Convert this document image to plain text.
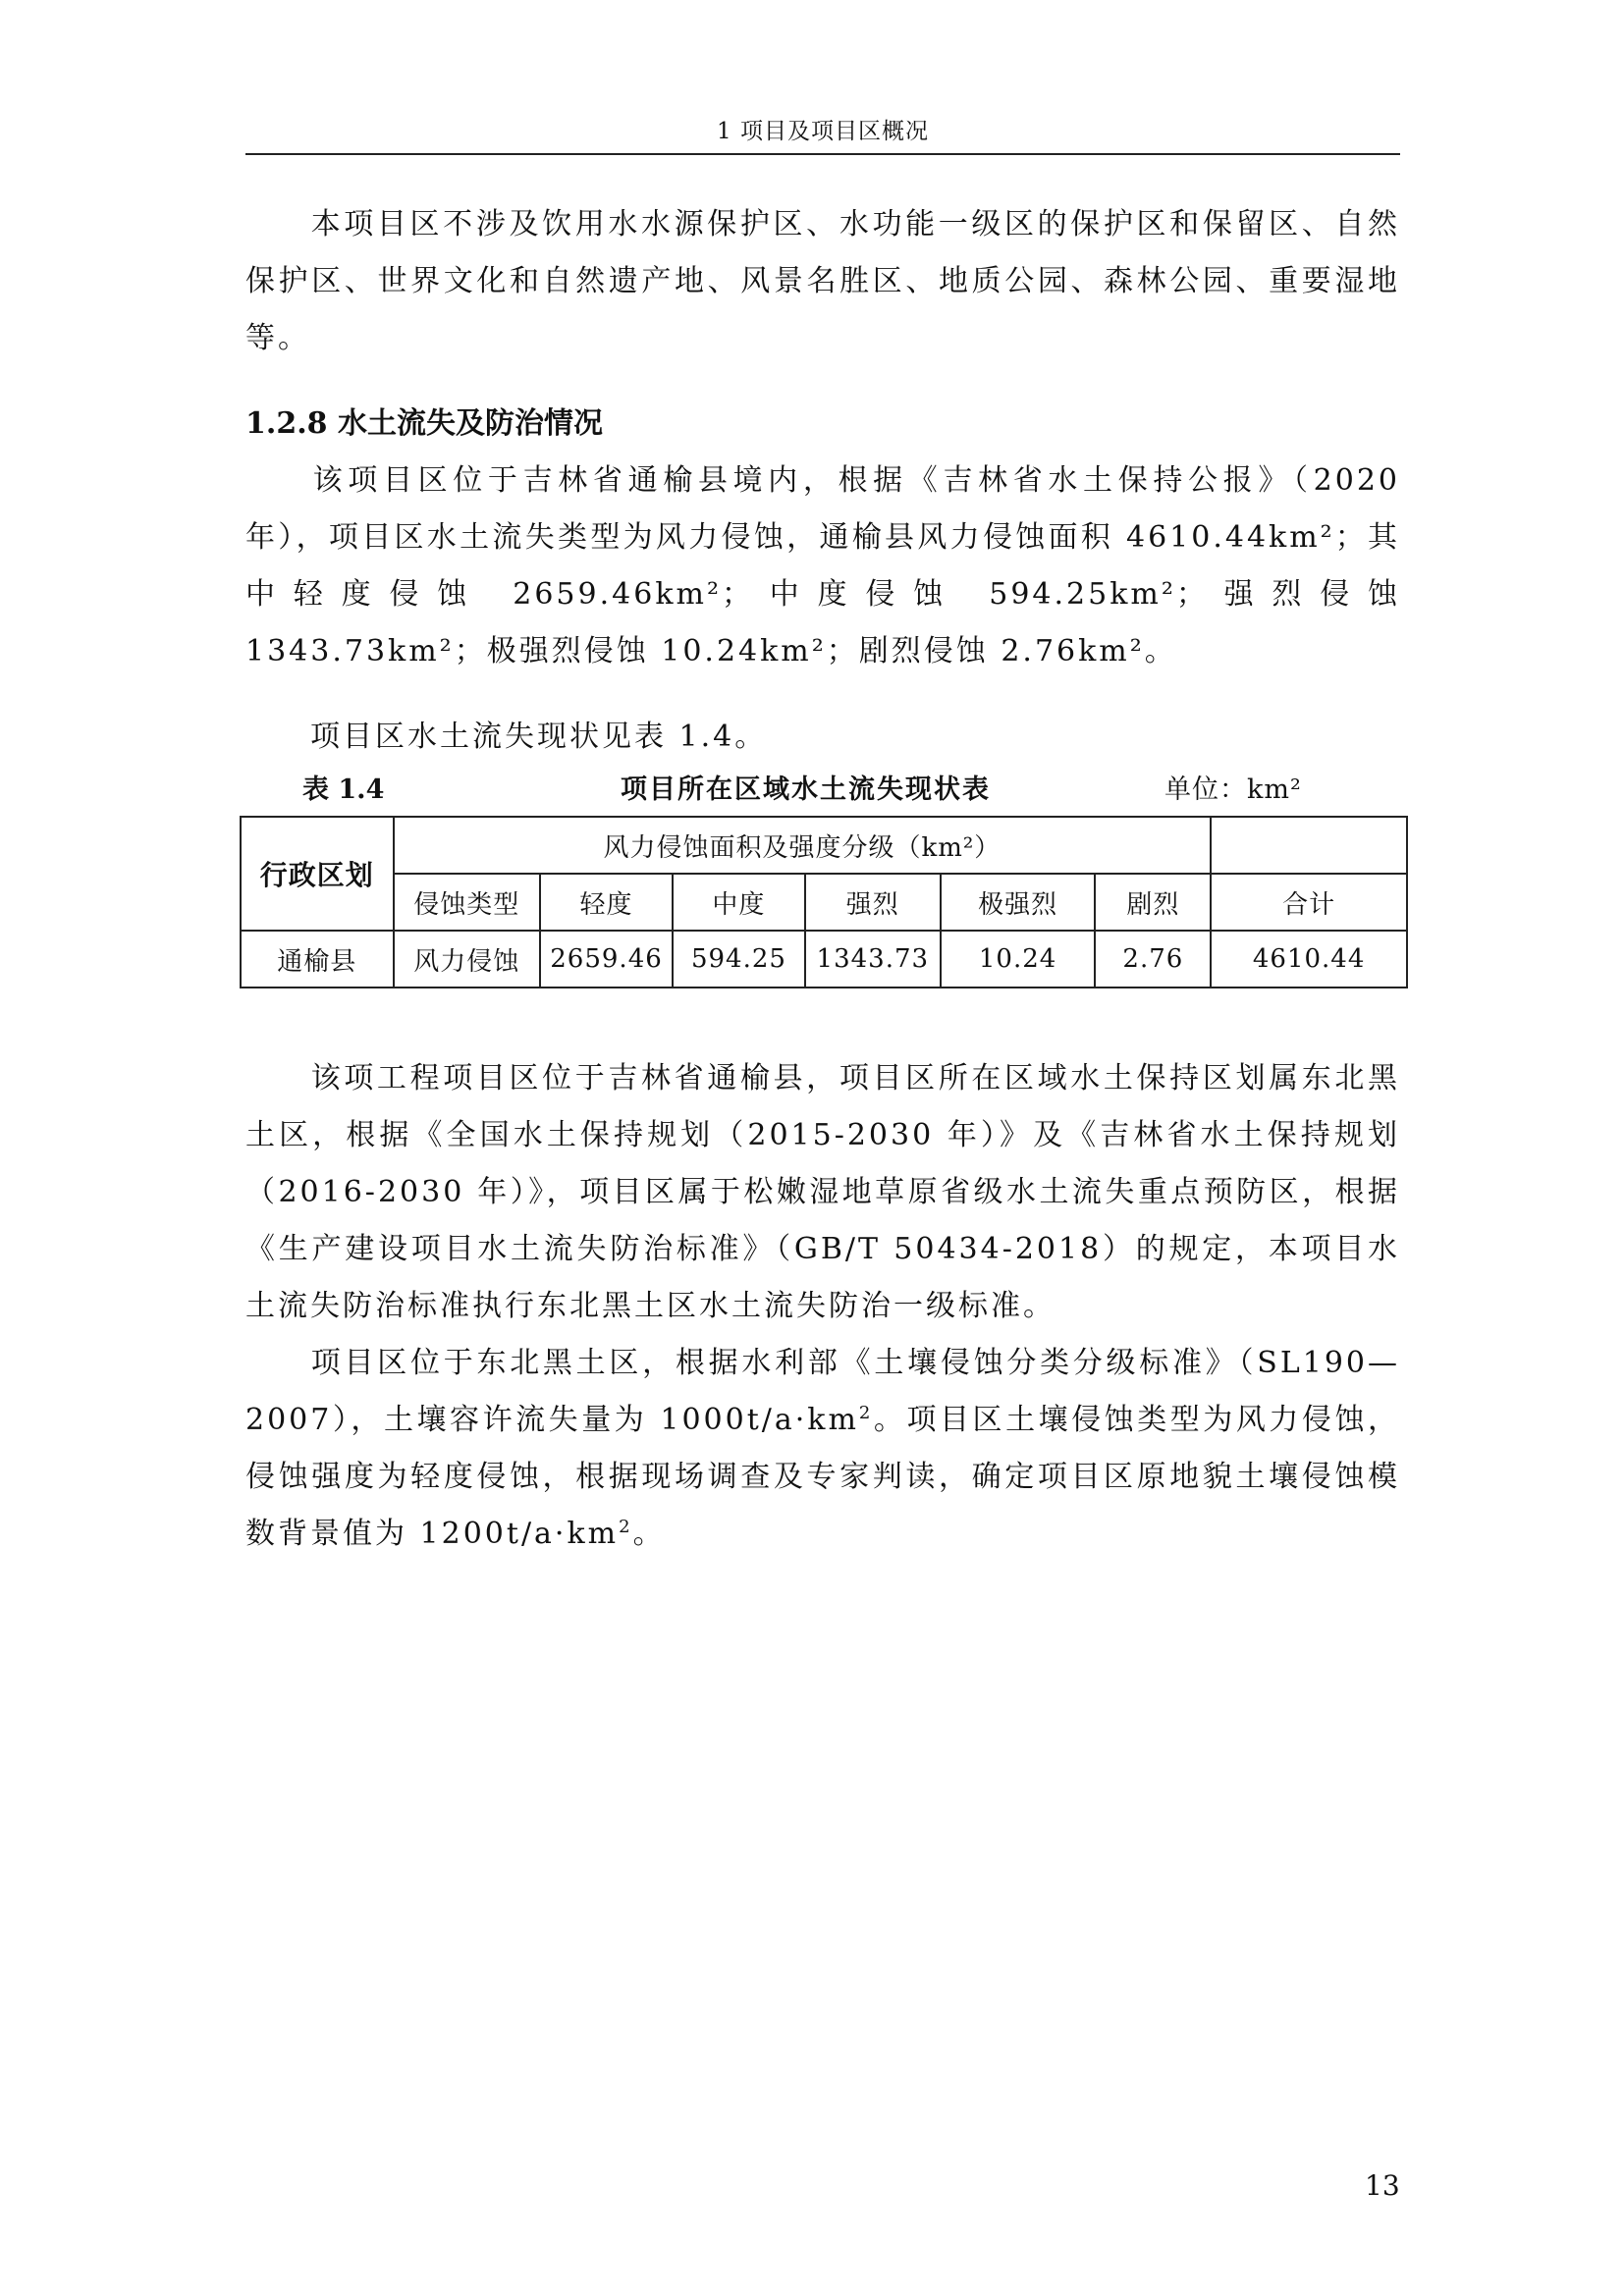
1 项目及项目区概况

本项目区不涉及饮用水水源保护区、水功能一级区的保护区和保留区、自然保护区、世界文化和自然遗产地、风景名胜区、地质公园、森林公园、重要湿地等。

1.2.8 水土流失及防治情况

该项目区位于吉林省通榆县境内，根据《吉林省水土保持公报》（2020 年），项目区水土流失类型为风力侵蚀，通榆县风力侵蚀面积 4610.44km²；其中轻度侵蚀 2659.46km²；中度侵蚀 594.25km²；强烈侵蚀 1343.73km²；极强烈侵蚀 10.24km²；剧烈侵蚀 2.76km²。

项目区水土流失现状见表 1.4。

表 1.4	项目所在区域水土流失现状表	单位：km²
行政区划	风力侵蚀面积及强度分级（km²）						
	侵蚀类型	轻度	中度	强烈	极强烈	剧烈	合计
通榆县	风力侵蚀	2659.46	594.25	1343.73	10.24	2.76	4610.44

该项工程项目区位于吉林省通榆县，项目区所在区域水土保持区划属东北黑土区，根据《全国水土保持规划（2015-2030 年）》及《吉林省水土保持规划（2016-2030 年）》，项目区属于松嫩湿地草原省级水土流失重点预防区，根据《生产建设项目水土流失防治标准》（GB/T 50434-2018）的规定，本项目水土流失防治标准执行东北黑土区水土流失防治一级标准。

项目区位于东北黑土区，根据水利部《土壤侵蚀分类分级标准》（SL190—2007），土壤容许流失量为 $1000t/a\cdot km^2$。项目区土壤侵蚀类型为风力侵蚀，侵蚀强度为轻度侵蚀，根据现场调查及专家判读，确定项目区原地貌土壤侵蚀模数背景值为 $1200t/a\cdot km^2$。

13
